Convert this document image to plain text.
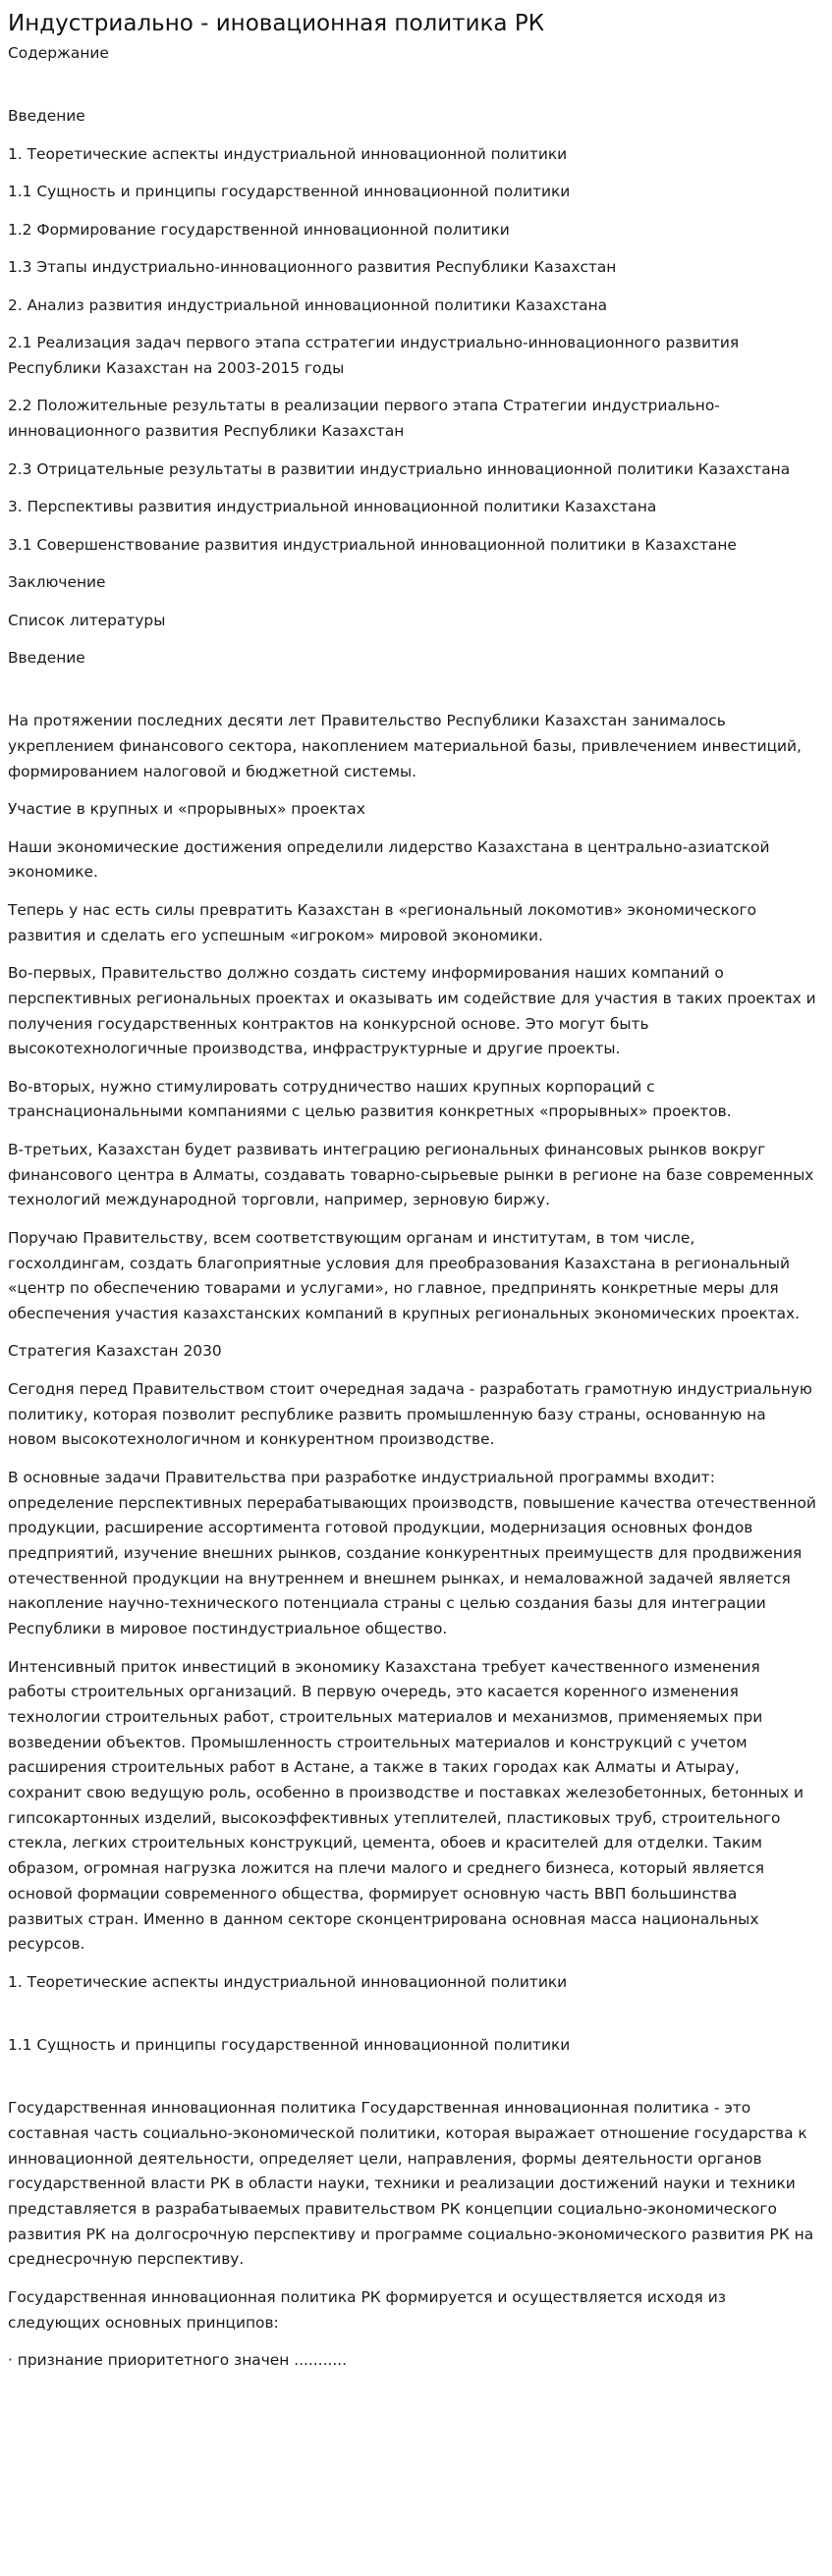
Индустриально - иновационная политика РК

Содержание

Введение

1. Теоретические аспекты индустриальной инновационной политики

1.1 Сущность и принципы государственной инновационной политики

1.2 Формирование государственной инновационной политики

1.3 Этапы индустриально-инновационного развития Республики Казахстан

2. Анализ развития индустриальной инновационной политики Казахстана

2.1 Реализация задач первого этапа сстратегии индустриально-инновационного развития Республики Казахстан на 2003-2015 годы

2.2 Положительные результаты в реализации первого этапа Стратегии индустриально-инновационного развития Республики Казахстан

2.3 Отрицательные результаты в развитии индустриально инновационной политики Казахстана

3. Перспективы развития индустриальной инновационной политики Казахстана

3.1 Совершенствование развития индустриальной инновационной политики в Казахстане

Заключение

Список литературы

Введение

На протяжении последних десяти лет Правительство Республики Казахстан занималось укреплением финансового сектора, накоплением материальной базы, привлечением инвестиций, формированием налоговой и бюджетной системы.

Участие в крупных и «прорывных» проектах

Наши экономические достижения определили лидерство Казахстана в центрально-азиатской экономике.

Теперь у нас есть силы превратить Казахстан в «региональный локомотив» экономического развития и сделать его успешным «игроком» мировой экономики.

Во-первых, Правительство должно создать систему информирования наших компаний о перспективных региональных проектах и оказывать им содействие для участия в таких проектах и получения государственных контрактов на конкурсной основе. Это могут быть высокотехнологичные производства, инфраструктурные и другие проекты.

Во-вторых, нужно стимулировать сотрудничество наших крупных корпораций с транснациональными компаниями с целью развития конкретных «прорывных» проектов.

В-третьих, Казахстан будет развивать интеграцию региональных финансовых рынков вокруг финансового центра в Алматы, создавать товарно-сырьевые рынки в регионе на базе современных технологий международной торговли, например, зерновую биржу.

Поручаю Правительству, всем соответствующим органам и институтам, в том числе, госхолдингам, создать благоприятные условия для преобразования Казахстана в региональный «центр по обеспечению товарами и услугами», но главное, предпринять конкретные меры для обеспечения участия казахстанских компаний в крупных региональных экономических проектах.

Стратегия Казахстан 2030

Сегодня перед Правительством стоит очередная задача - разработать грамотную индустриальную политику, которая позволит республике развить промышленную базу страны, основанную на новом высокотехнологичном и конкурентном производстве.

В основные задачи Правительства при разработке индустриальной программы входит: определение перспективных перерабатывающих производств, повышение качества отечественной продукции, расширение ассортимента готовой продукции, модернизация основных фондов предприятий, изучение внешних рынков, создание конкурентных преимуществ для продвижения отечественной продукции на внутреннем и внешнем рынках, и немаловажной задачей является накопление научно-технического потенциала страны с целью создания базы для интеграции Республики в мировое постиндустриальное общество.

Интенсивный приток инвестиций в экономику Казахстана требует качественного изменения работы строительных организаций. В первую очередь, это касается коренного изменения технологии строительных работ, строительных материалов и механизмов, применяемых при возведении объектов. Промышленность строительных материалов и конструкций с учетом расширения строительных работ в Астане, а также в таких городах как Алматы и Атырау, сохранит свою ведущую роль, особенно в производстве и поставках железобетонных, бетонных и гипсокартонных изделий, высокоэффективных утеплителей, пластиковых труб, строительного стекла, легких строительных конструкций, цемента, обоев и красителей для отделки. Таким образом, огромная нагрузка ложится на плечи малого и среднего бизнеса, который является основой формации современного общества, формирует основную часть ВВП большинства развитых стран. Именно в данном секторе сконцентрирована основная масса национальных ресурсов.

1. Теоретические аспекты индустриальной инновационной политики

1.1 Сущность и принципы государственной инновационной политики

Государственная инновационная политика Государственная инновационная политика - это составная часть социально-экономической политики, которая выражает отношение государства к инновационной деятельности, определяет цели, направления, формы деятельности органов государственной власти РК в области науки, техники и реализации достижений науки и техники представляется в разрабатываемых правительством РК концепции социально-экономического развития РК на долгосрочную перспективу и программе социально-экономического развития РК на среднесрочную перспективу.

Государственная инновационная политика РК формируется и осуществляется исходя из следующих основных принципов:

· признание приоритетного значен ...........
